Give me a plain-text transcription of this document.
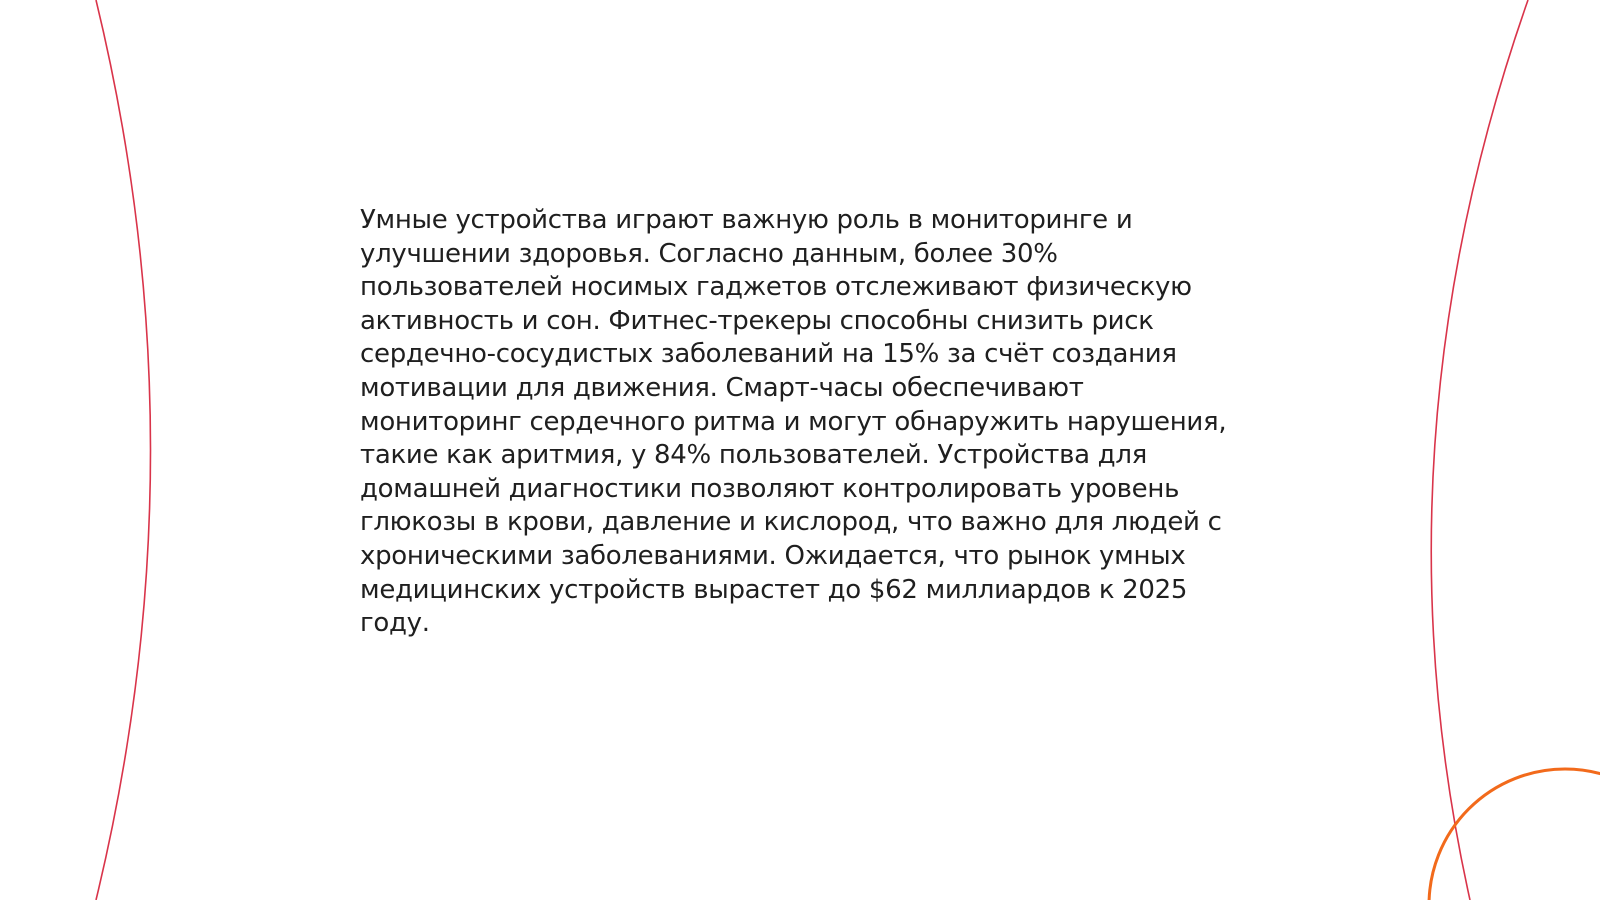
Умные устройства играют важную роль в мониторинге и
улучшении здоровья. Согласно данным, более 30%
пользователей носимых гаджетов отслеживают физическую
активность и сон. Фитнес-трекеры способны снизить риск
сердечно-сосудистых заболеваний на 15% за счёт создания
мотивации для движения. Смарт-часы обеспечивают
мониторинг сердечного ритма и могут обнаружить нарушения,
такие как аритмия, у 84% пользователей. Устройства для
домашней диагностики позволяют контролировать уровень
глюкозы в крови, давление и кислород, что важно для людей с
хроническими заболеваниями. Ожидается, что рынок умных
медицинских устройств вырастет до $62 миллиардов к 2025
году.
